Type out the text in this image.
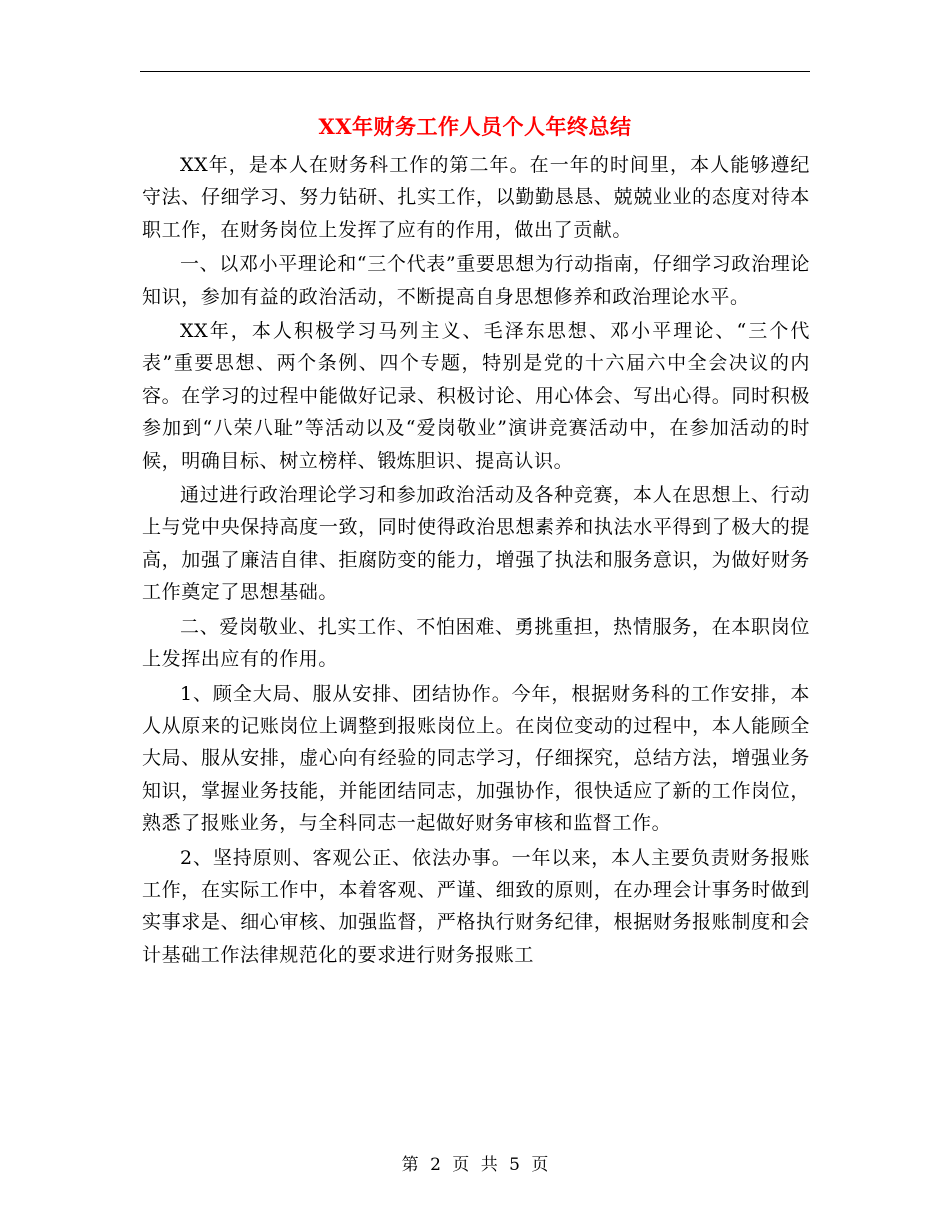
XX年财务工作人员个人年终总结

XX年，是本人在财务科工作的第二年。在一年的时间里，本人能够遵纪守法、仔细学习、努力钻研、扎实工作，以勤勤恳恳、兢兢业业的态度对待本职工作，在财务岗位上发挥了应有的作用，做出了贡献。

一、以邓小平理论和“三个代表”重要思想为行动指南，仔细学习政治理论知识，参加有益的政治活动，不断提高自身思想修养和政治理论水平。

XX年，本人积极学习马列主义、毛泽东思想、邓小平理论、“三个代表”重要思想、两个条例、四个专题，特别是党的十六届六中全会决议的内容。在学习的过程中能做好记录、积极讨论、用心体会、写出心得。同时积极参加到“八荣八耻”等活动以及“爱岗敬业”演讲竞赛活动中，在参加活动的时候，明确目标、树立榜样、锻炼胆识、提高认识。

通过进行政治理论学习和参加政治活动及各种竞赛，本人在思想上、行动上与党中央保持高度一致，同时使得政治思想素养和执法水平得到了极大的提高，加强了廉洁自律、拒腐防变的能力，增强了执法和服务意识，为做好财务工作奠定了思想基础。

二、爱岗敬业、扎实工作、不怕困难、勇挑重担，热情服务，在本职岗位上发挥出应有的作用。

1、顾全大局、服从安排、团结协作。今年，根据财务科的工作安排，本人从原来的记账岗位上调整到报账岗位上。在岗位变动的过程中，本人能顾全大局、服从安排，虚心向有经验的同志学习，仔细探究，总结方法，增强业务知识，掌握业务技能，并能团结同志，加强协作，很快适应了新的工作岗位，熟悉了报账业务，与全科同志一起做好财务审核和监督工作。

2、坚持原则、客观公正、依法办事。一年以来，本人主要负责财务报账工作，在实际工作中，本着客观、严谨、细致的原则，在办理会计事务时做到实事求是、细心审核、加强监督，严格执行财务纪律，根据财务报账制度和会计基础工作法律规范化的要求进行财务报账工

第 2 页 共 5 页
